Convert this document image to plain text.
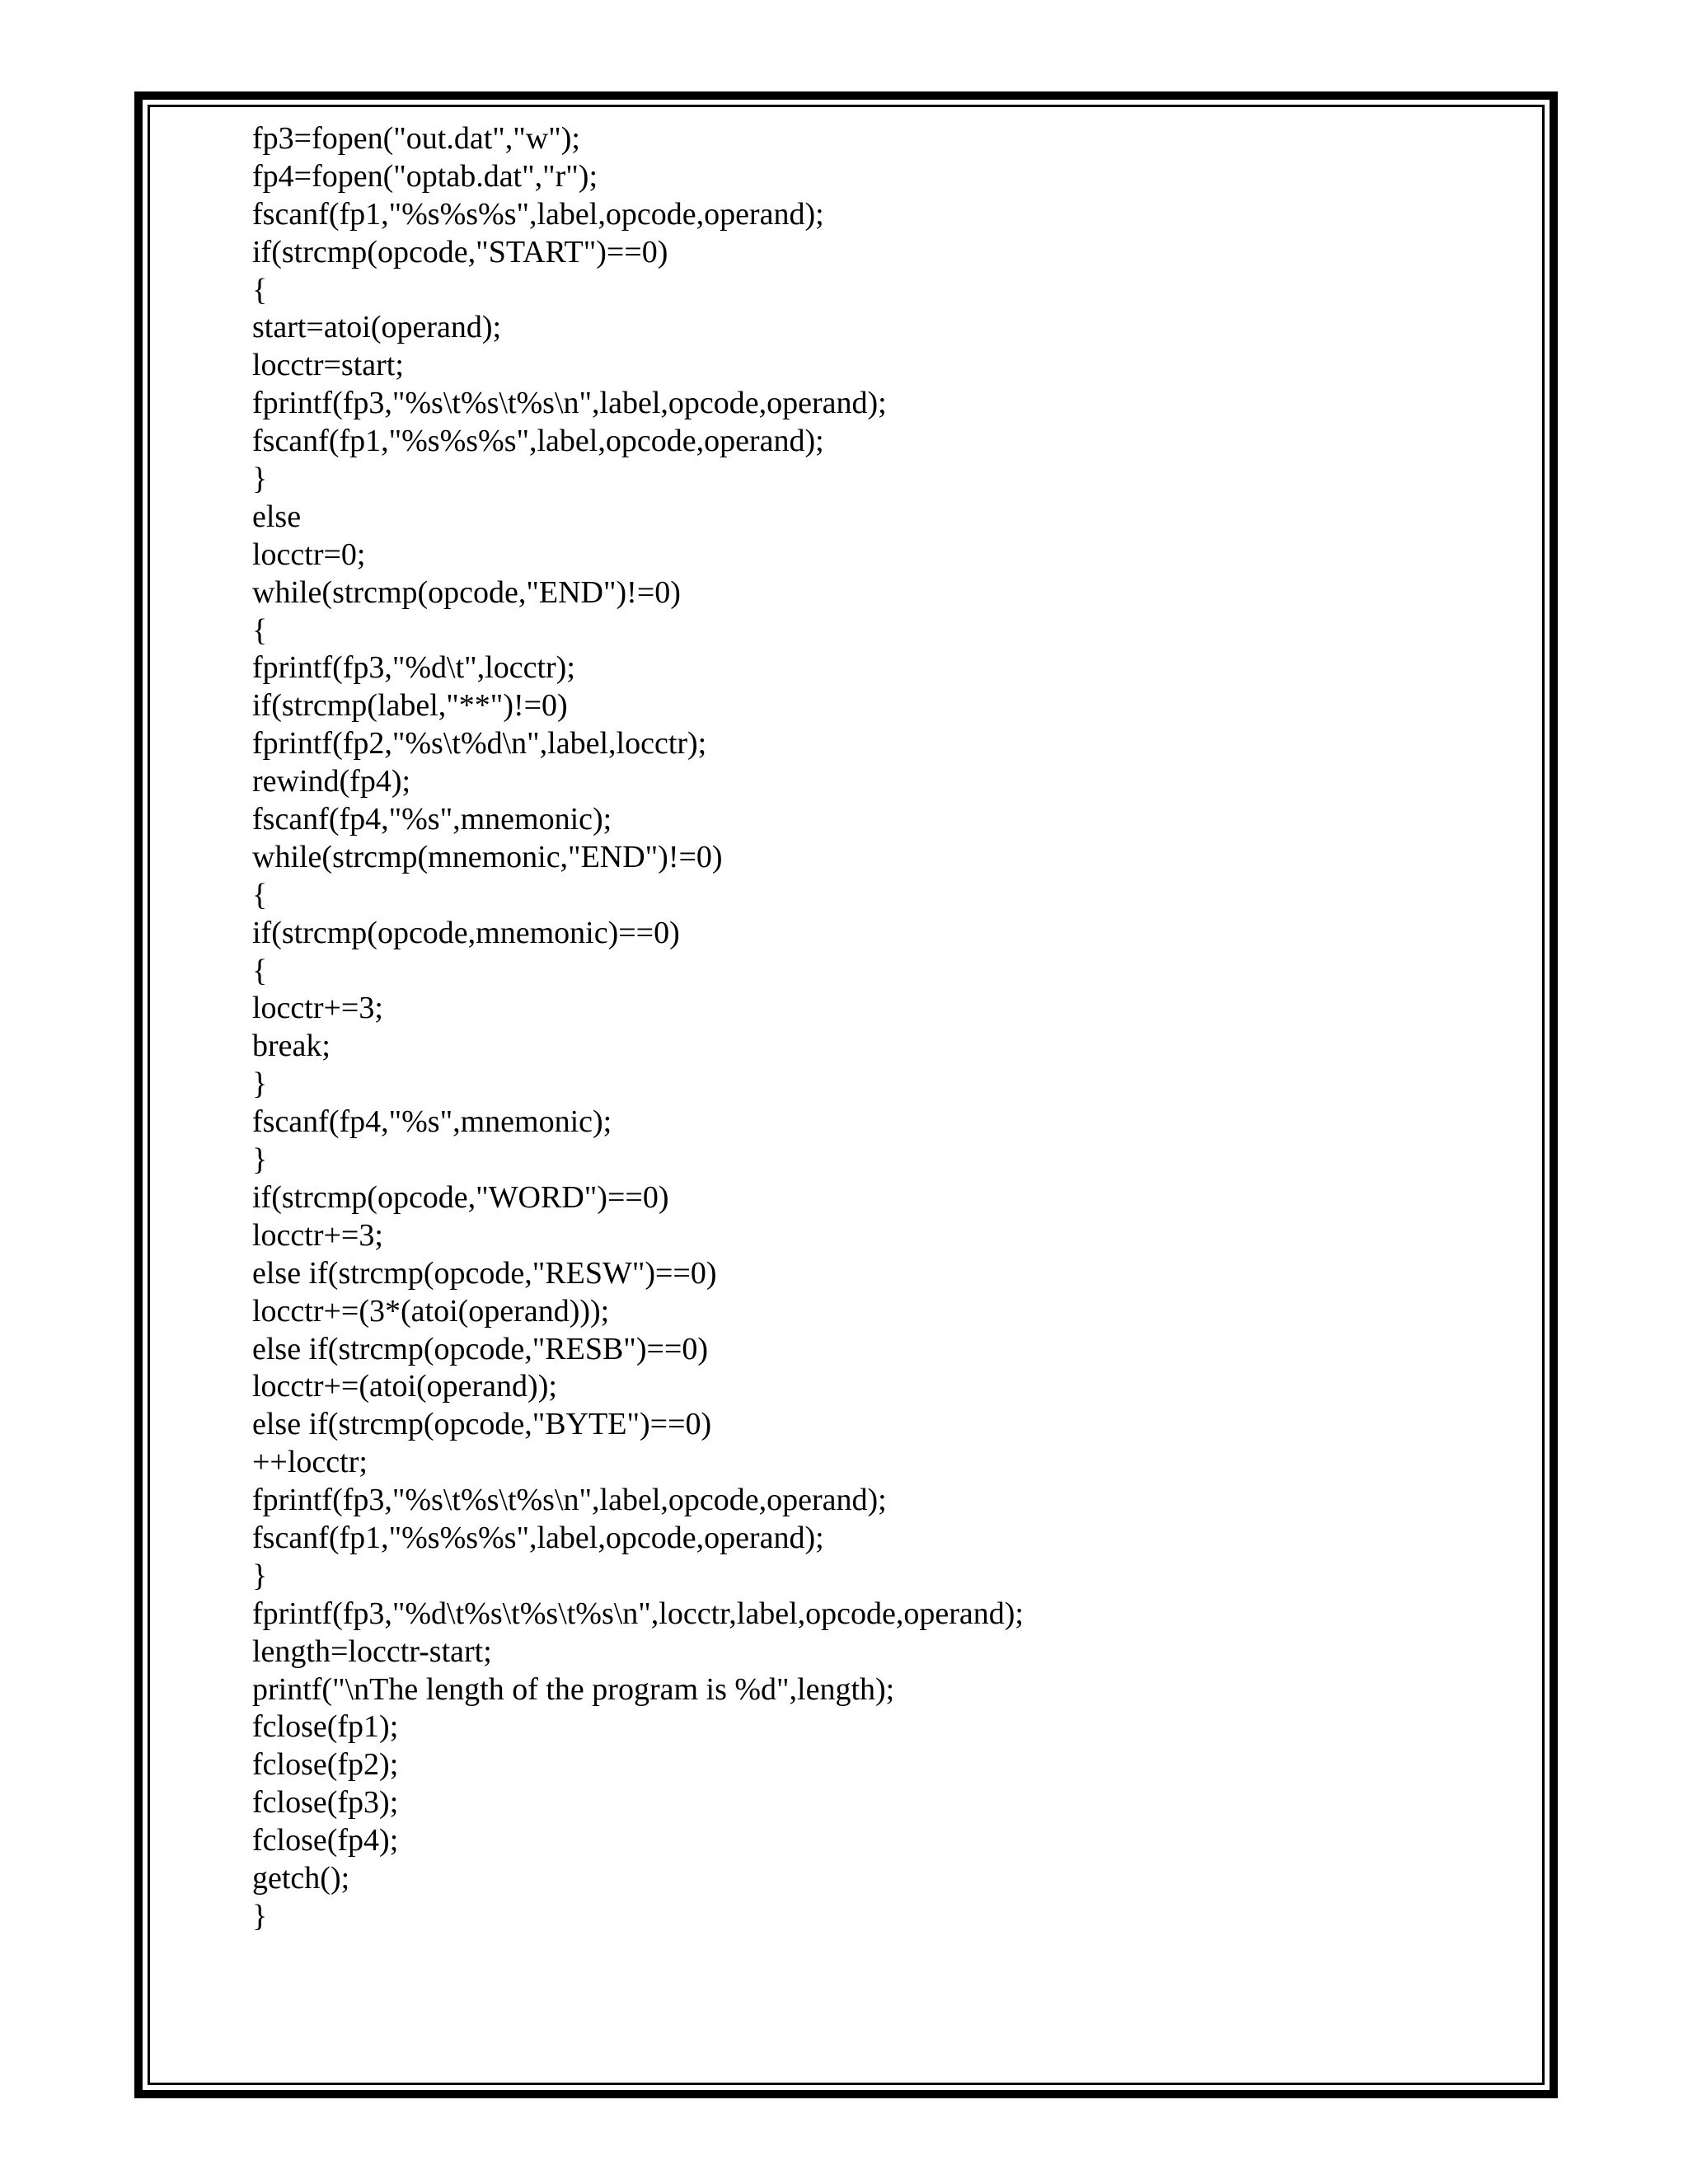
fp3=fopen("out.dat","w");
fp4=fopen("optab.dat","r");
fscanf(fp1,"%s%s%s",label,opcode,operand);
if(strcmp(opcode,"START")==0)
{
start=atoi(operand);
locctr=start;
fprintf(fp3,"%s\t%s\t%s\n",label,opcode,operand);
fscanf(fp1,"%s%s%s",label,opcode,operand);
}
else
locctr=0;
while(strcmp(opcode,"END")!=0)
{
fprintf(fp3,"%d\t",locctr);
if(strcmp(label,"**")!=0)
fprintf(fp2,"%s\t%d\n",label,locctr);
rewind(fp4);
fscanf(fp4,"%s",mnemonic);
while(strcmp(mnemonic,"END")!=0)
{
if(strcmp(opcode,mnemonic)==0)
{
locctr+=3;
break;
}
fscanf(fp4,"%s",mnemonic);
}
if(strcmp(opcode,"WORD")==0)
locctr+=3;
else if(strcmp(opcode,"RESW")==0)
locctr+=(3*(atoi(operand)));
else if(strcmp(opcode,"RESB")==0)
locctr+=(atoi(operand));
else if(strcmp(opcode,"BYTE")==0)
++locctr;
fprintf(fp3,"%s\t%s\t%s\n",label,opcode,operand);
fscanf(fp1,"%s%s%s",label,opcode,operand);
}
fprintf(fp3,"%d\t%s\t%s\t%s\n",locctr,label,opcode,operand);
length=locctr-start;
printf("\nThe length of the program is %d",length);
fclose(fp1);
fclose(fp2);
fclose(fp3);
fclose(fp4);
getch();
}
